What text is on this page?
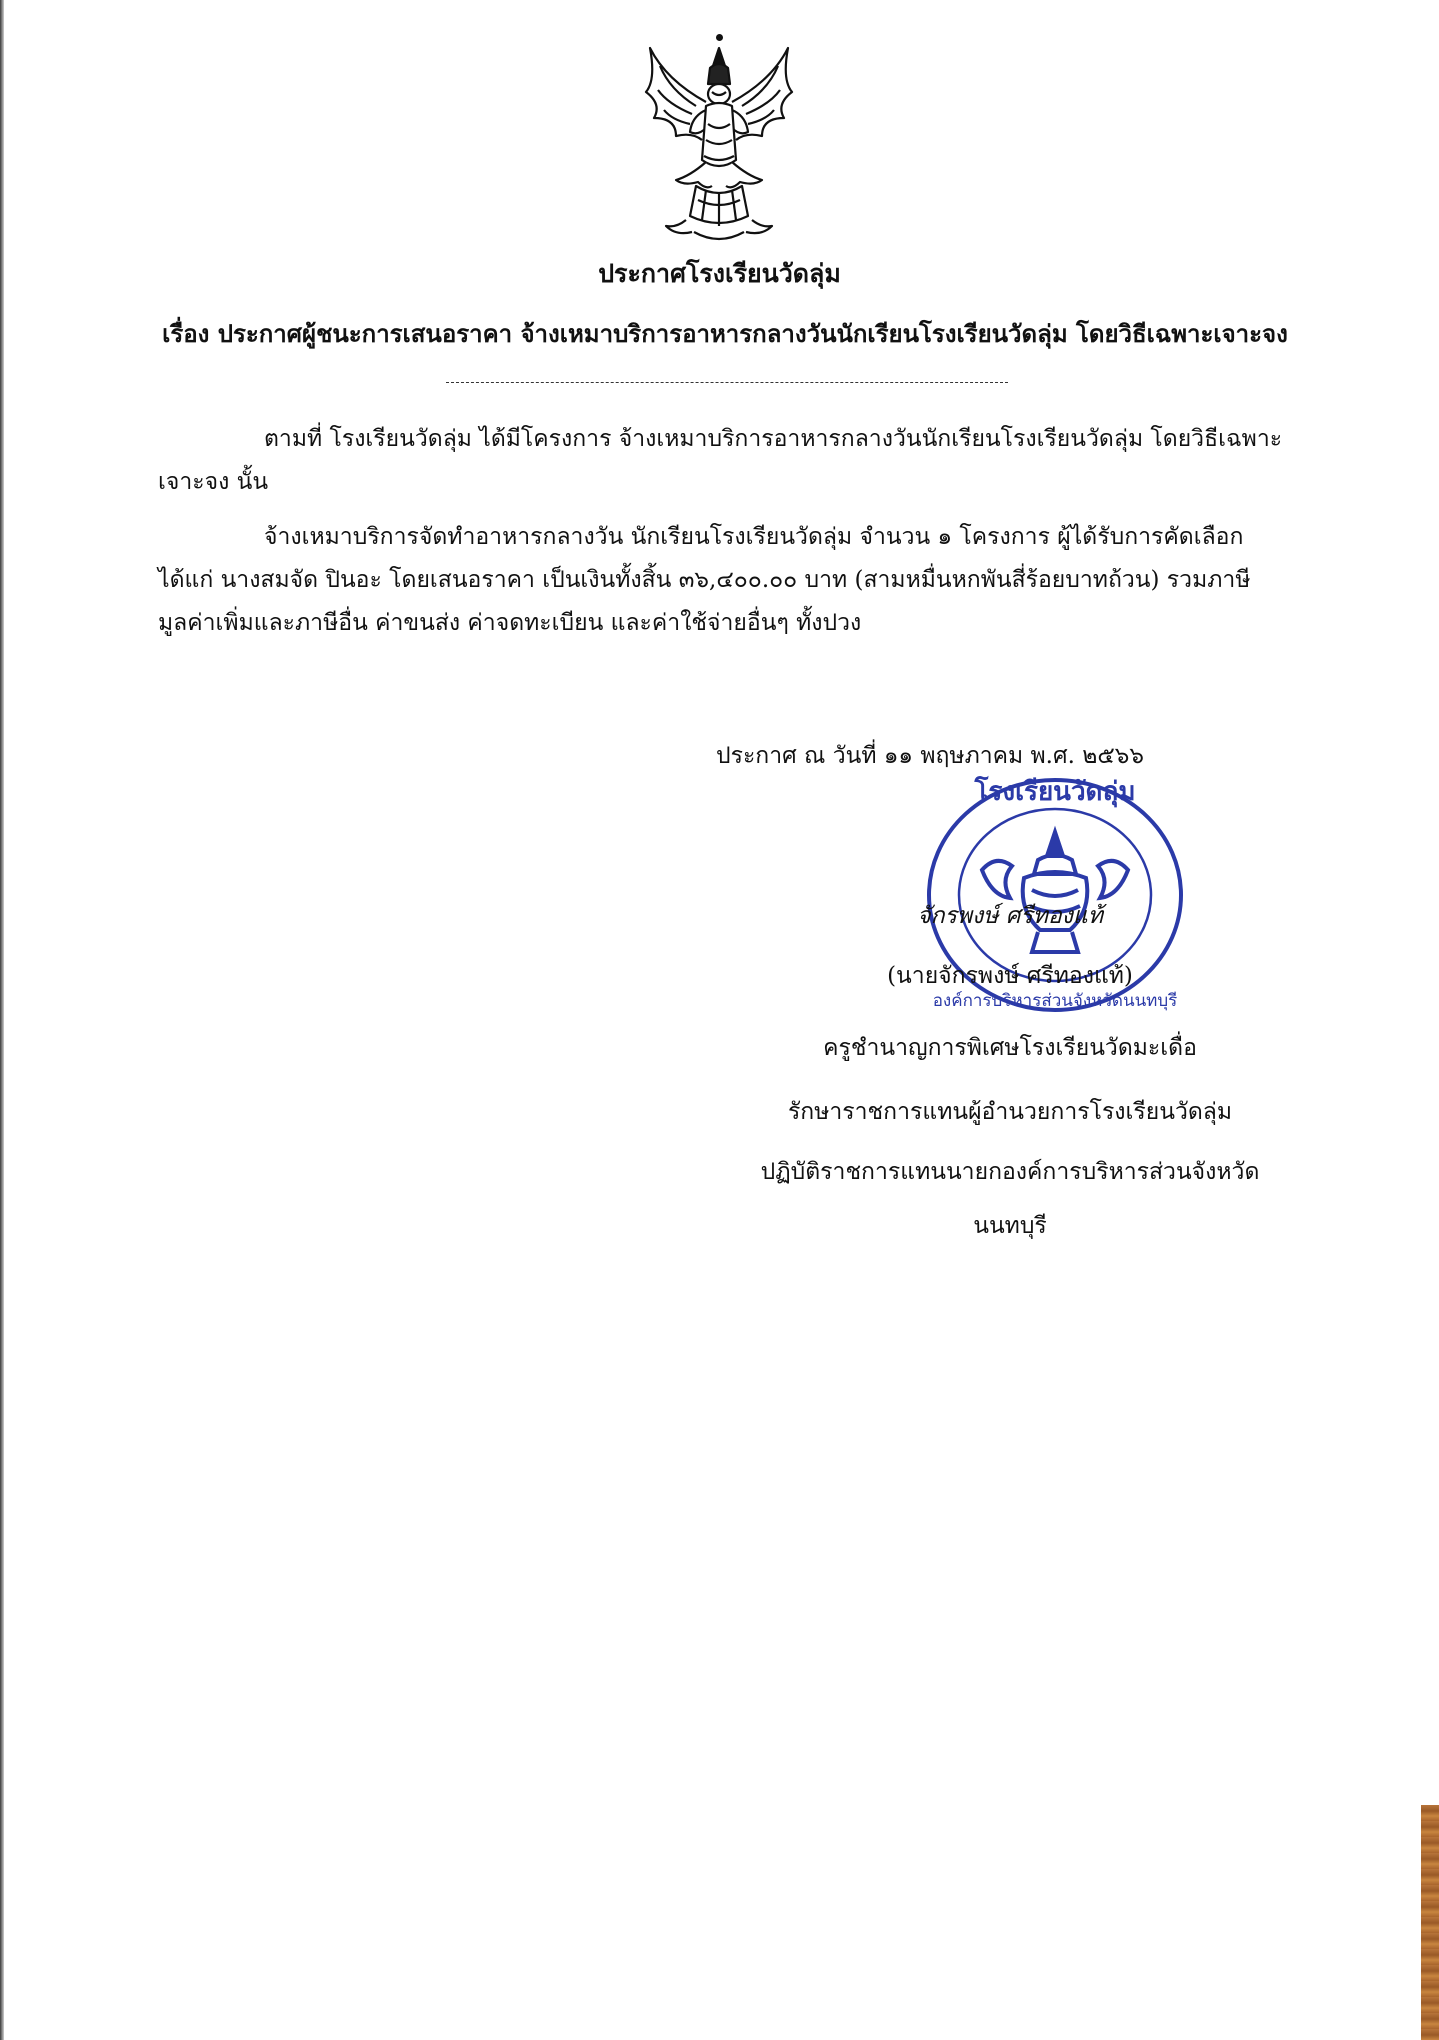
ประกาศโรงเรียนวัดลุ่ม
เรื่อง ประกาศผู้ชนะการเสนอราคา จ้างเหมาบริการอาหารกลางวันนักเรียนโรงเรียนวัดลุ่ม โดยวิธีเฉพาะเจาะจง

ตามที่ โรงเรียนวัดลุ่ม ได้มีโครงการ จ้างเหมาบริการอาหารกลางวันนักเรียนโรงเรียนวัดลุ่ม โดยวิธีเฉพาะ

เจาะจง นั้น

จ้างเหมาบริการจัดทำอาหารกลางวัน นักเรียนโรงเรียนวัดลุ่ม จำนวน ๑ โครงการ ผู้ได้รับการคัดเลือก

ได้แก่ นางสมจัด ปินอะ โดยเสนอราคา เป็นเงินทั้งสิ้น ๓๖,๔๐๐.๐๐ บาท (สามหมื่นหกพันสี่ร้อยบาทถ้วน) รวมภาษี

มูลค่าเพิ่มและภาษีอื่น ค่าขนส่ง ค่าจดทะเบียน และค่าใช้จ่ายอื่นๆ ทั้งปวง

ประกาศ ณ วันที่ ๑๑ พฤษภาคม พ.ศ. ๒๕๖๖
โรงเรียนวัดลุ่ม
องค์การบริหารส่วนจังหวัดนนทบุรี
จักรพงษ์ ศรีทองแท้
(นายจักรพงษ์ ศรีทองแท้)
ครูชำนาญการพิเศษโรงเรียนวัดมะเดื่อ
รักษาราชการแทนผู้อำนวยการโรงเรียนวัดลุ่ม
ปฏิบัติราชการแทนนายกองค์การบริหารส่วนจังหวัด
นนทบุรี
